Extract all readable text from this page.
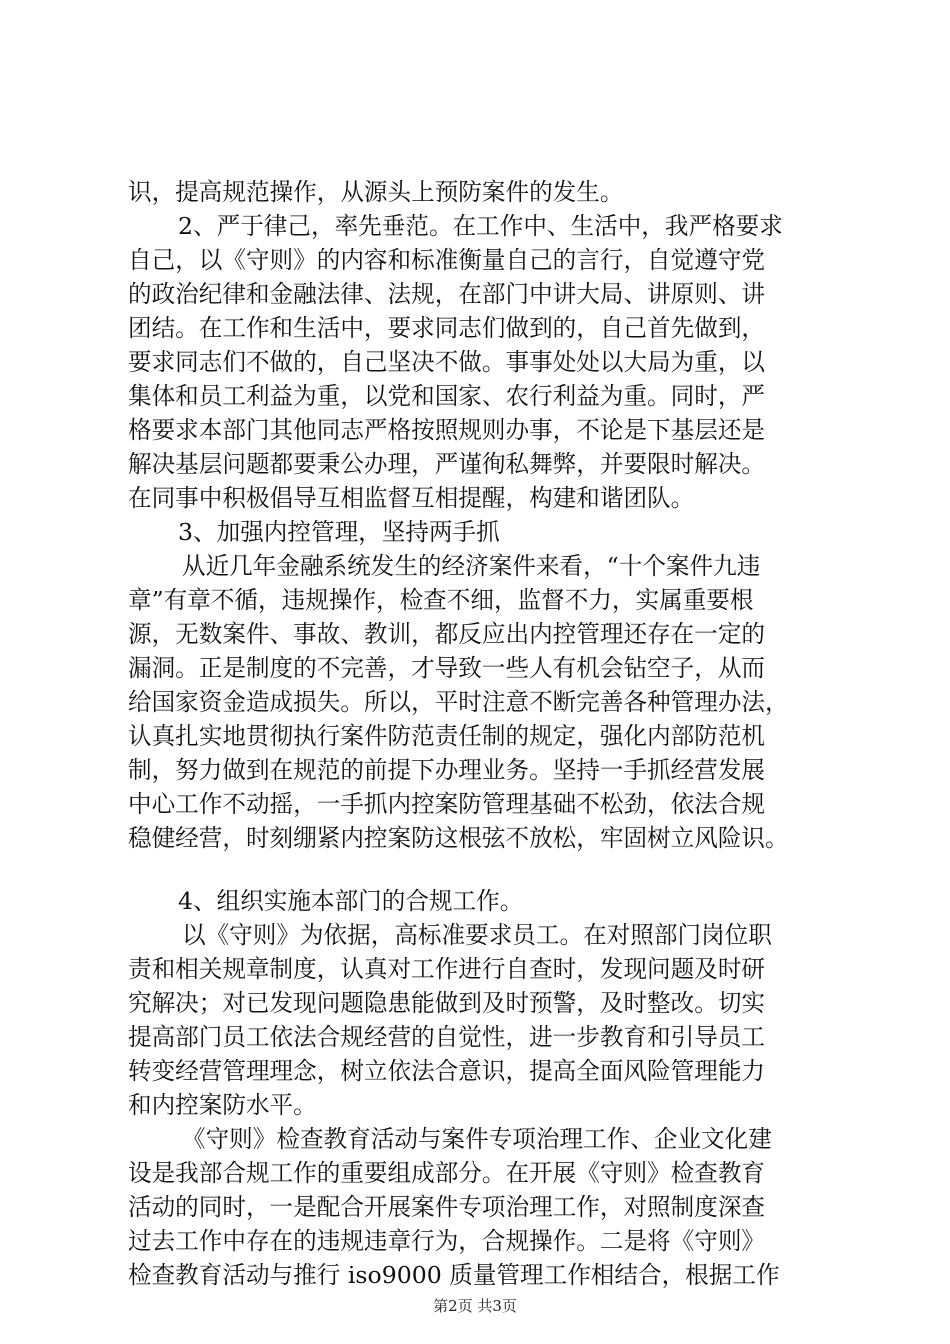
识，提高规范操作，从源头上预防案件的发生。
2、严于律己，率先垂范。在工作中、生活中，我严格要求
自己，以《守则》的内容和标准衡量自己的言行，自觉遵守党
的政治纪律和金融法律、法规，在部门中讲大局、讲原则、讲
团结。在工作和生活中，要求同志们做到的，自己首先做到，
要求同志们不做的，自己坚决不做。事事处处以大局为重，以
集体和员工利益为重，以党和国家、农行利益为重。同时，严
格要求本部门其他同志严格按照规则办事，不论是下基层还是
解决基层问题都要秉公办理，严谨徇私舞弊，并要限时解决。
在同事中积极倡导互相监督互相提醒，构建和谐团队。
3、加强内控管理，坚持两手抓
从近几年金融系统发生的经济案件来看，“十个案件九违
章”有章不循，违规操作，检查不细，监督不力，实属重要根
源，无数案件、事故、教训，都反应出内控管理还存在一定的
漏洞。正是制度的不完善，才导致一些人有机会钻空子，从而
给国家资金造成损失。所以，平时注意不断完善各种管理办法，
认真扎实地贯彻执行案件防范责任制的规定，强化内部防范机
制，努力做到在规范的前提下办理业务。坚持一手抓经营发展
中心工作不动摇，一手抓内控案防管理基础不松劲，依法合规
稳健经营，时刻绷紧内控案防这根弦不放松，牢固树立风险识。
4、组织实施本部门的合规工作。
以《守则》为依据，高标准要求员工。在对照部门岗位职
责和相关规章制度，认真对工作进行自查时，发现问题及时研
究解决；对已发现问题隐患能做到及时预警，及时整改。切实
提高部门员工依法合规经营的自觉性，进一步教育和引导员工
转变经营管理理念，树立依法合意识，提高全面风险管理能力
和内控案防水平。
《守则》检查教育活动与案件专项治理工作、企业文化建
设是我部合规工作的重要组成部分。在开展《守则》检查教育
活动的同时，一是配合开展案件专项治理工作，对照制度深查
过去工作中存在的违规违章行为，合规操作。二是将《守则》
检查教育活动与推行 iso9000 质量管理工作相结合，根据工作
第2页 共3页
